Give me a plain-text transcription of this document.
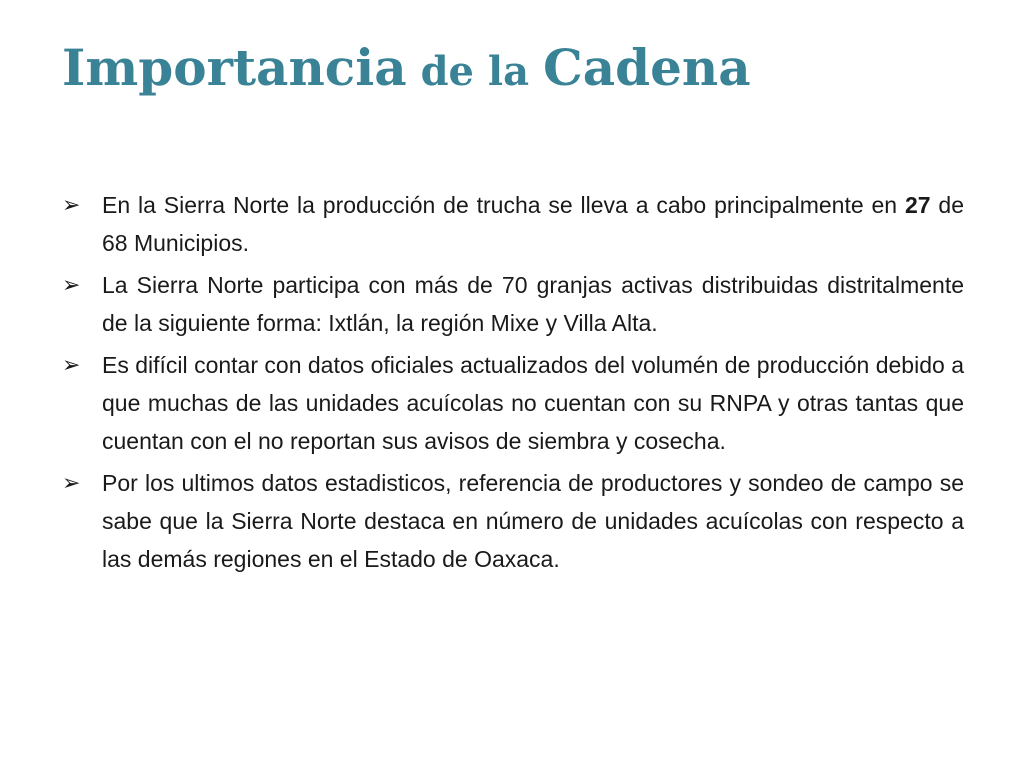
Importancia de la Cadena
➢ En la Sierra Norte la producción de trucha se lleva a cabo principalmente en 27 de 68 Municipios.
➢ La Sierra Norte participa con más de 70 granjas activas distribuidas distritalmente de la siguiente forma: Ixtlán, la región Mixe y Villa Alta.
➢ Es difícil contar con datos oficiales actualizados del volumén de producción debido a que muchas de las unidades acuícolas no cuentan con su RNPA y otras tantas que cuentan con el no reportan sus avisos de siembra y cosecha.
➢ Por los ultimos datos estadisticos, referencia de productores y sondeo de campo se sabe que la Sierra Norte destaca en número de unidades acuícolas con respecto a las demás regiones en el Estado de Oaxaca.
